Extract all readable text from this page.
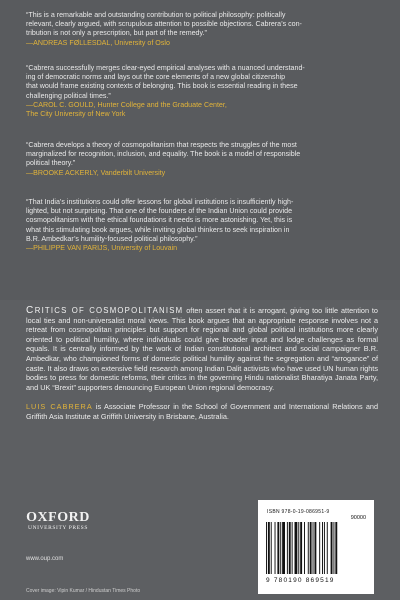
“This is a remarkable and outstanding contribution to political philosophy: politically

relevant, clearly argued, with scrupulous attention to possible objections. Cabrera’s con-

tribution is not only a prescription, but part of the remedy.”

—ANDREAS FØLLESDAL, University of Oslo

“Cabrera successfully merges clear-eyed empirical analyses with a nuanced understand-

ing of democratic norms and lays out the core elements of a new global citizenship

that would frame existing contexts of belonging. This book is essential reading in these

challenging political times.”

—CAROL C. GOULD, Hunter College and the Graduate Center,

The City University of New York

“Cabrera develops a theory of cosmopolitanism that respects the struggles of the most

marginalized for recognition, inclusion, and equality. The book is a model of responsible

political theory.”

—BROOKE ACKERLY, Vanderbilt University

“That India’s institutions could offer lessons for global institutions is insufficiently high-

lighted, but not surprising. That one of the founders of the Indian Union could provide

cosmopolitanism with the ethical foundations it needs is more astonishing. Yet, this is

what this stimulating book argues, while inviting global thinkers to seek inspiration in

B.R. Ambedkar’s humility-focused political philosophy.”

—PHILIPPE VAN PARIJS, University of Louvain

CRITICS OF COSMOPOLITANISM often assert that it is arrogant, giving too little attention to local ties and non-universalist moral views. This book argues that an appropriate response involves not a retreat from cosmopolitan principles but support for regional and global political institutions more clearly oriented to political humility, where individuals could give broader input and lodge challenges as formal equals. It is centrally informed by the work of Indian constitutional architect and social campaigner B.R. Ambedkar, who championed forms of domestic political humility against the segregation and “arrogance” of caste. It also draws on extensive field research among Indian Dalit activists who have used UN human rights bodies to press for domestic reforms, their critics in the governing Hindu nationalist Bharatiya Janata Party, and UK “Brexit” supporters denouncing European Union regional democracy.

LUIS CABRERA is Associate Professor in the School of Government and International Relations and Griffith Asia Institute at Griffith University in Brisbane, Australia.

OXFORD
UNIVERSITY PRESS
www.oup.com
Cover image: Vipin Kumar / Hindustan Times Photo
ISBN 978-0-19-086951-9
90000
9 780190 869519
